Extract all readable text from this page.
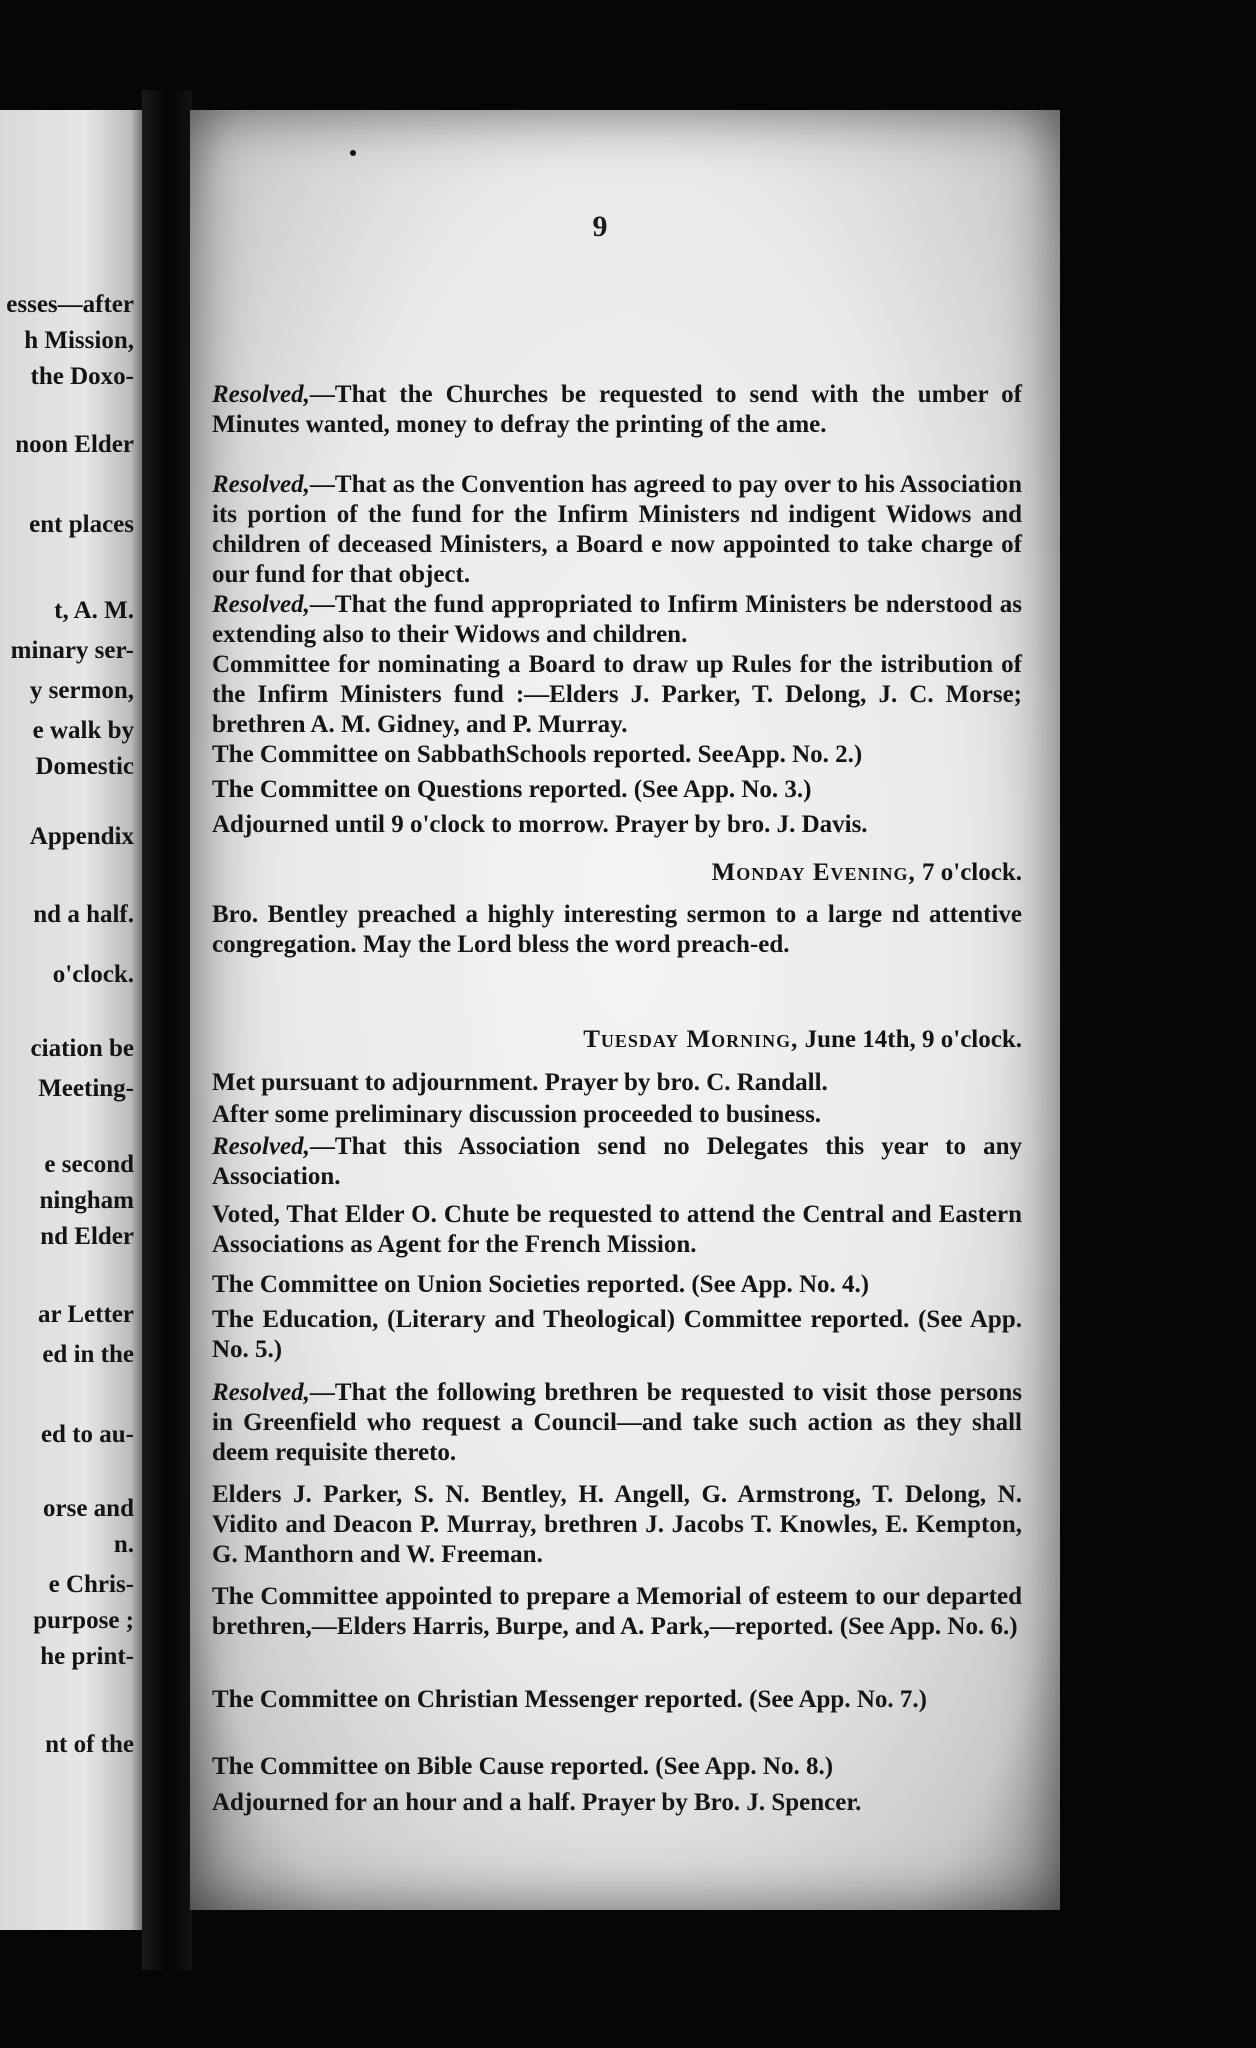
esses—after
h Mission,
the Doxo-
noon Elder
ent places
t, A. M.
minary ser-
y sermon,
e walk by
Domestic
Appendix
nd a half.
o'clock.
ciation be
Meeting-
e second
ningham
nd Elder
ar Letter
ed in the
ed to au-
orse and
n.
e Chris-
purpose ;
he print-
nt of the
9
Resolved,—That the Churches be requested to send with the umber of Minutes wanted, money to defray the printing of the ame.
Resolved,—That as the Convention has agreed to pay over to his Association its portion of the fund for the Infirm Ministers nd indigent Widows and children of deceased Ministers, a Board e now appointed to take charge of our fund for that object.
Resolved,—That the fund appropriated to Infirm Ministers be nderstood as extending also to their Widows and children.
Committee for nominating a Board to draw up Rules for the istribution of the Infirm Ministers fund :—Elders J. Parker, T. Delong, J. C. Morse; brethren A. M. Gidney, and P. Murray.
The Committee on SabbathSchools reported. SeeApp. No. 2.)
The Committee on Questions reported. (See App. No. 3.)
Adjourned until 9 o'clock to morrow. Prayer by bro. J. Davis.
Monday Evening, 7 o'clock.
Bro. Bentley preached a highly interesting sermon to a large nd attentive congregation. May the Lord bless the word preach-ed.
Tuesday Morning, June 14th, 9 o'clock.
Met pursuant to adjournment. Prayer by bro. C. Randall.
After some preliminary discussion proceeded to business.
Resolved,—That this Association send no Delegates this year to any Association.
Voted, That Elder O. Chute be requested to attend the Central and Eastern Associations as Agent for the French Mission.
The Committee on Union Societies reported. (See App. No. 4.)
The Education, (Literary and Theological) Committee reported. (See App. No. 5.)
Resolved,—That the following brethren be requested to visit those persons in Greenfield who request a Council—and take such action as they shall deem requisite thereto.
Elders J. Parker, S. N. Bentley, H. Angell, G. Armstrong, T. Delong, N. Vidito and Deacon P. Murray, brethren J. Jacobs T. Knowles, E. Kempton, G. Manthorn and W. Freeman.
The Committee appointed to prepare a Memorial of esteem to our departed brethren,—Elders Harris, Burpe, and A. Park,—reported. (See App. No. 6.)
The Committee on Christian Messenger reported. (See App. No. 7.)
The Committee on Bible Cause reported. (See App. No. 8.)
Adjourned for an hour and a half. Prayer by Bro. J. Spencer.
